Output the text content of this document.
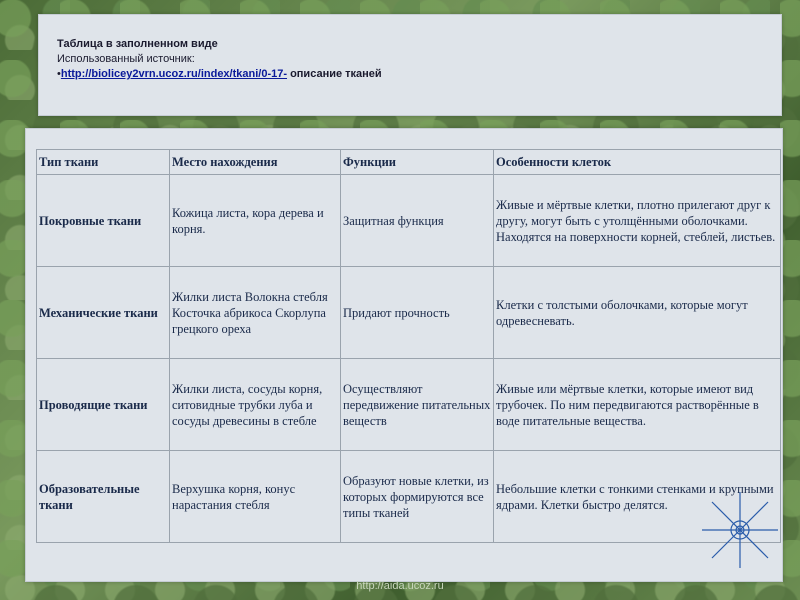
Таблица в заполненном виде
Использованный источник:
•http://bioliceу2vrn.ucoz.ru/index/tkani/0-17- описание тканей
Тип ткани	Место нахождения	Функции	Особенности клеток
Покровные ткани	Кожица листа, кора дерева и корня.	Защитная функция	Живые и мёртвые клетки, плотно прилегают друг к другу, могут быть с утолщёнными оболочками. Находятся на поверхности корней, стеблей, листьев.
Механические ткани	Жилки листа Волокна стебля Косточка абрикоса Скорлупа грецкого ореха	Придают прочность	Клетки с толстыми оболочками, которые могут одревесневать.
Проводящие ткани	Жилки листа, сосуды корня, ситовидные трубки луба и сосуды древесины в стебле	Осуществляют передвижение питательных веществ	Живые или мёртвые клетки, которые имеют вид трубочек. По ним передвигаются растворённые в воде питательные вещества.
Образовательные ткани	Верхушка корня, конус нарастания стебля	Образуют новые клетки, из которых формируются все типы тканей	Небольшие клетки с тонкими стенками и крупными ядрами. Клетки быстро делятся.
http://aida.ucoz.ru
